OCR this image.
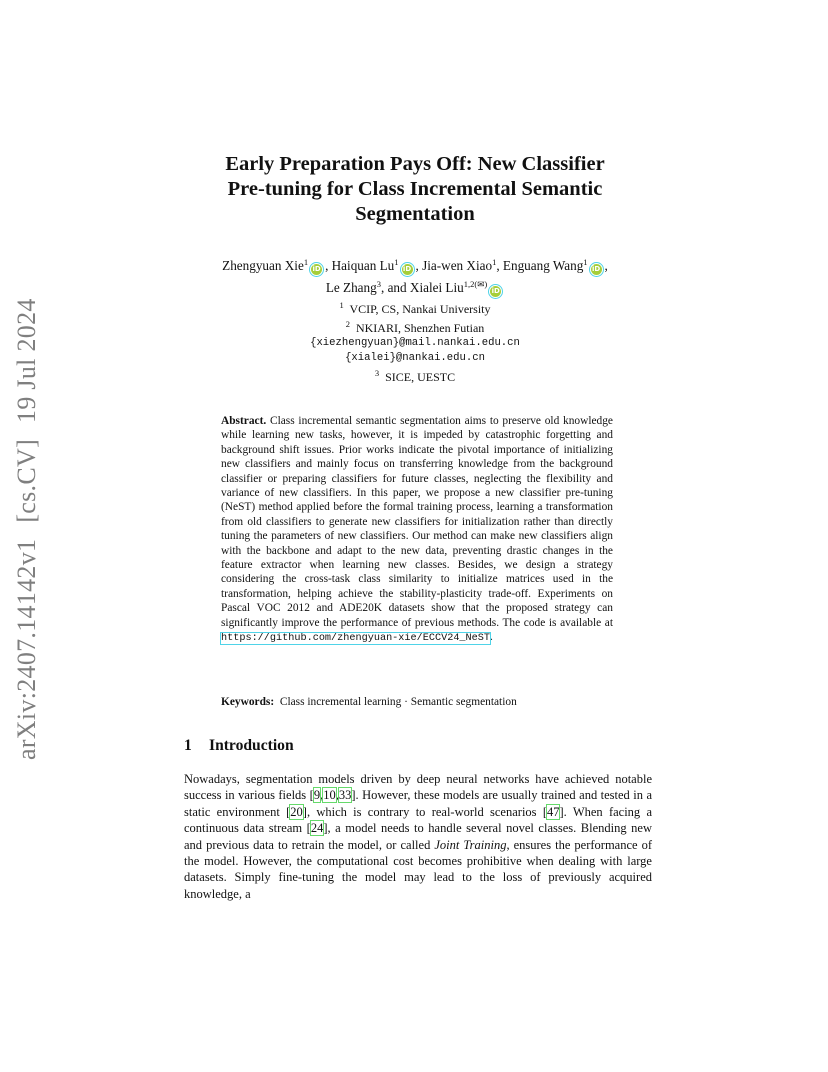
arXiv:2407.14142v1[cs.CV]19 Jul 2024
Early Preparation Pays Off: New Classifier
Pre-tuning for Class Incremental Semantic
Segmentation
Zhengyuan Xie$^1$iD , Haiquan Lu$^1$iD , Jia-wen Xiao$^1$, Enguang Wang$^1$iD ,
Le Zhang$^3$, and Xialei Liu$^{1,2(✉)}$iD
$^1$ VCIP, CS, Nankai University
$^2$ NKIARI, Shenzhen Futian
{xiezhengyuan}@mail.nankai.edu.cn
{xialei}@nankai.edu.cn
$^3$ SICE, UESTC
Abstract. Class incremental semantic segmentation aims to preserve old knowledge while learning new tasks, however, it is impeded by catastrophic forgetting and background shift issues. Prior works indicate the pivotal importance of initializing new classifiers and mainly focus on transferring knowledge from the background classifier or preparing classifiers for future classes, neglecting the flexibility and variance of new classifiers. In this paper, we propose a new classifier pre-tuning (NeST) method applied before the formal training process, learning a transformation from old classifiers to generate new classifiers for initialization rather than directly tuning the parameters of new classifiers. Our method can make new classifiers align with the backbone and adapt to the new data, preventing drastic changes in the feature extractor when learning new classes. Besides, we design a strategy considering the cross-task class similarity to initialize matrices used in the transformation, helping achieve the stability-plasticity trade-off. Experiments on Pascal VOC 2012 and ADE20K datasets show that the proposed strategy can significantly improve the performance of previous methods. The code is available at https://github.com/zhengyuan-xie/ECCV24_NeST.
Keywords: Class incremental learning · Semantic segmentation
1 Introduction
Nowadays, segmentation models driven by deep neural networks have achieved notable success in various fields [9,10,33]. However, these models are usually trained and tested in a static environment [20], which is contrary to real-world scenarios [47]. When facing a continuous data stream [24], a model needs to handle several novel classes. Blending new and previous data to retrain the model, or called Joint Training, ensures the performance of the model. However, the computational cost becomes prohibitive when dealing with large datasets. Simply fine-tuning the model may lead to the loss of previously acquired knowledge, a
